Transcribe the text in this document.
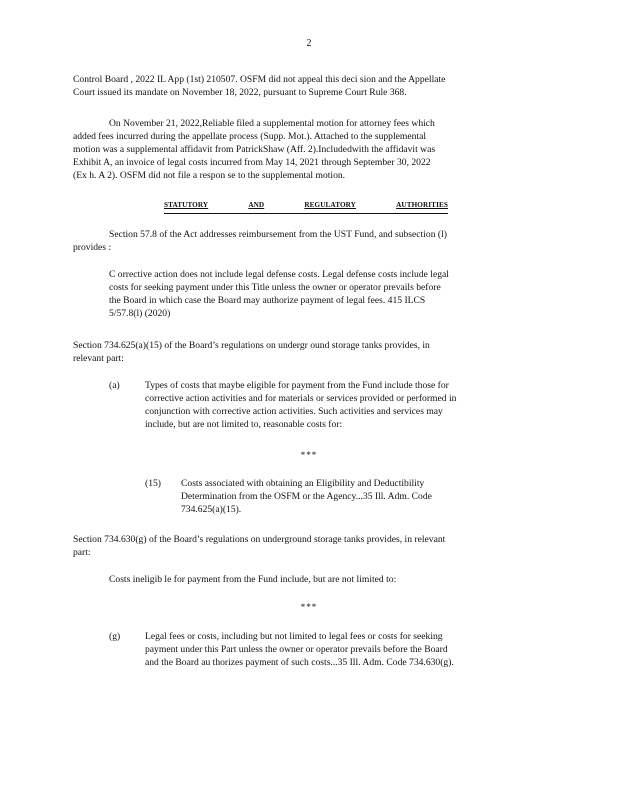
2
Control Board , 2022 IL App (1st) 210507. OSFM did not appeal this deci sion and the Appellate
Court issued its mandate on November 18, 2022, pursuant to Supreme Court Rule 368.
On November 21, 2022,Reliable filed a supplemental motion for attorney fees which
added fees incurred during the appellate process (Supp. Mot.). Attached to the supplemental
motion was a supplemental affidavit from PatrickShaw (Aff. 2).Includedwith the affidavit was
Exhibit A, an invoice of legal costs incurred from May 14, 2021 through September 30, 2022
(Ex h. A 2). OSFM did not file a respon se to the supplemental motion.
STATUTORY	AND	REGULATORY	AUTHORITIES
Section 57.8 of the Act addresses reimbursement from the UST Fund, and subsection (l)
provides :
C orrective action does not include legal defense costs. Legal defense costs include legal
costs for seeking payment under this Title unless the owner or operator prevails before
the Board in which case the Board may authorize payment of legal fees. 415 ILCS
5/57.8(l) (2020)
Section 734.625(a)(15) of the Board’s regulations on undergr ound storage tanks provides, in
relevant part:
(a)	Types of costs that maybe eligible for payment from the Fund include those for
corrective action activities and for materials or services provided or performed in
conjunction with corrective action activities. Such activities and services may
include, but are not limited to, reasonable costs for:
***
(15) Costs associated with obtaining an Eligibility and Deductibility
Determination from the OSFM or the Agency...35 Ill. Adm. Code
734.625(a)(15).
Section 734.630(g) of the Board’s regulations on underground storage tanks provides, in relevant
part:
Costs ineligib le for payment from the Fund include, but are not limited to:
***
(g)	Legal fees or costs, including but not limited to legal fees or costs for seeking
payment under this Part unless the owner or operator prevails before the Board
and the Board au thorizes payment of such costs...35 Ill. Adm. Code 734.630(g).
